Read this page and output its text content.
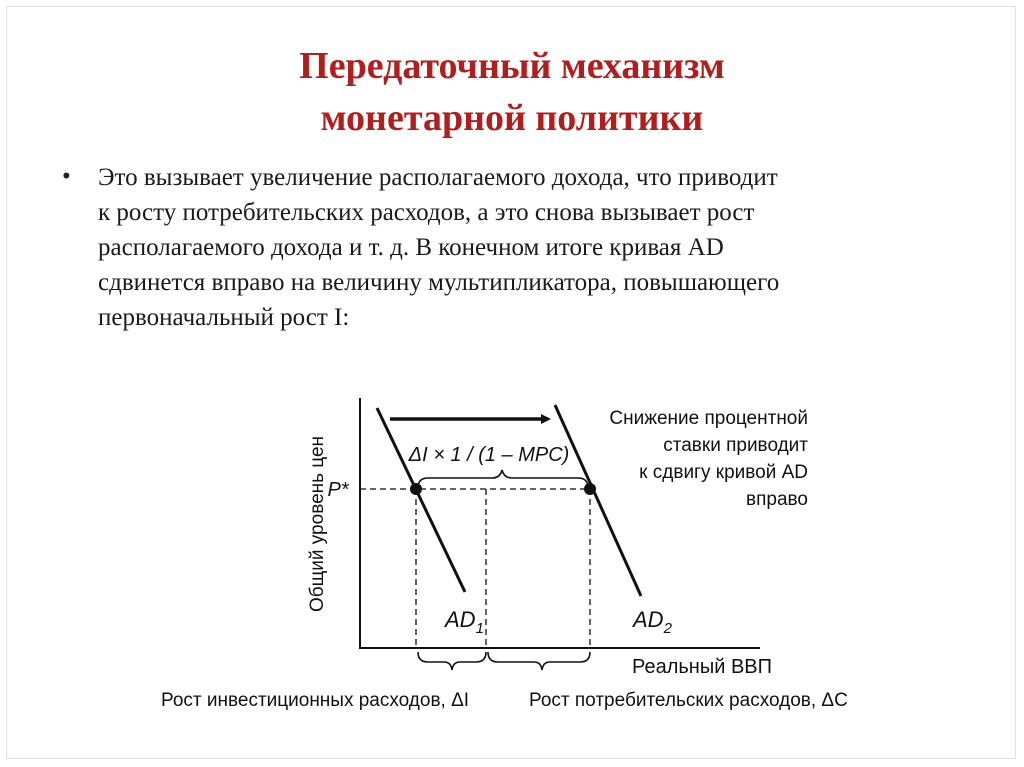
Передаточный механизм
монетарной политики
• Это вызывает увеличение располагаемого дохода, что приводит
к росту потребительских расходов, а это снова вызывает рост
располагаемого дохода и т. д. В конечном итоге кривая AD
сдвинется вправо на величину мультипликатора, повышающего
первоначальный рост I:
Общий уровень цен	ΔI × 1 / (1 – MPC)
P*
$AD_1$	$AD_2$
Снижение процентной
ставки приводит
к сдвигу кривой AD
вправо
Реальный ВВП
Рост инвестиционных расходов, ΔI	Рост потребительских расходов, ΔC
